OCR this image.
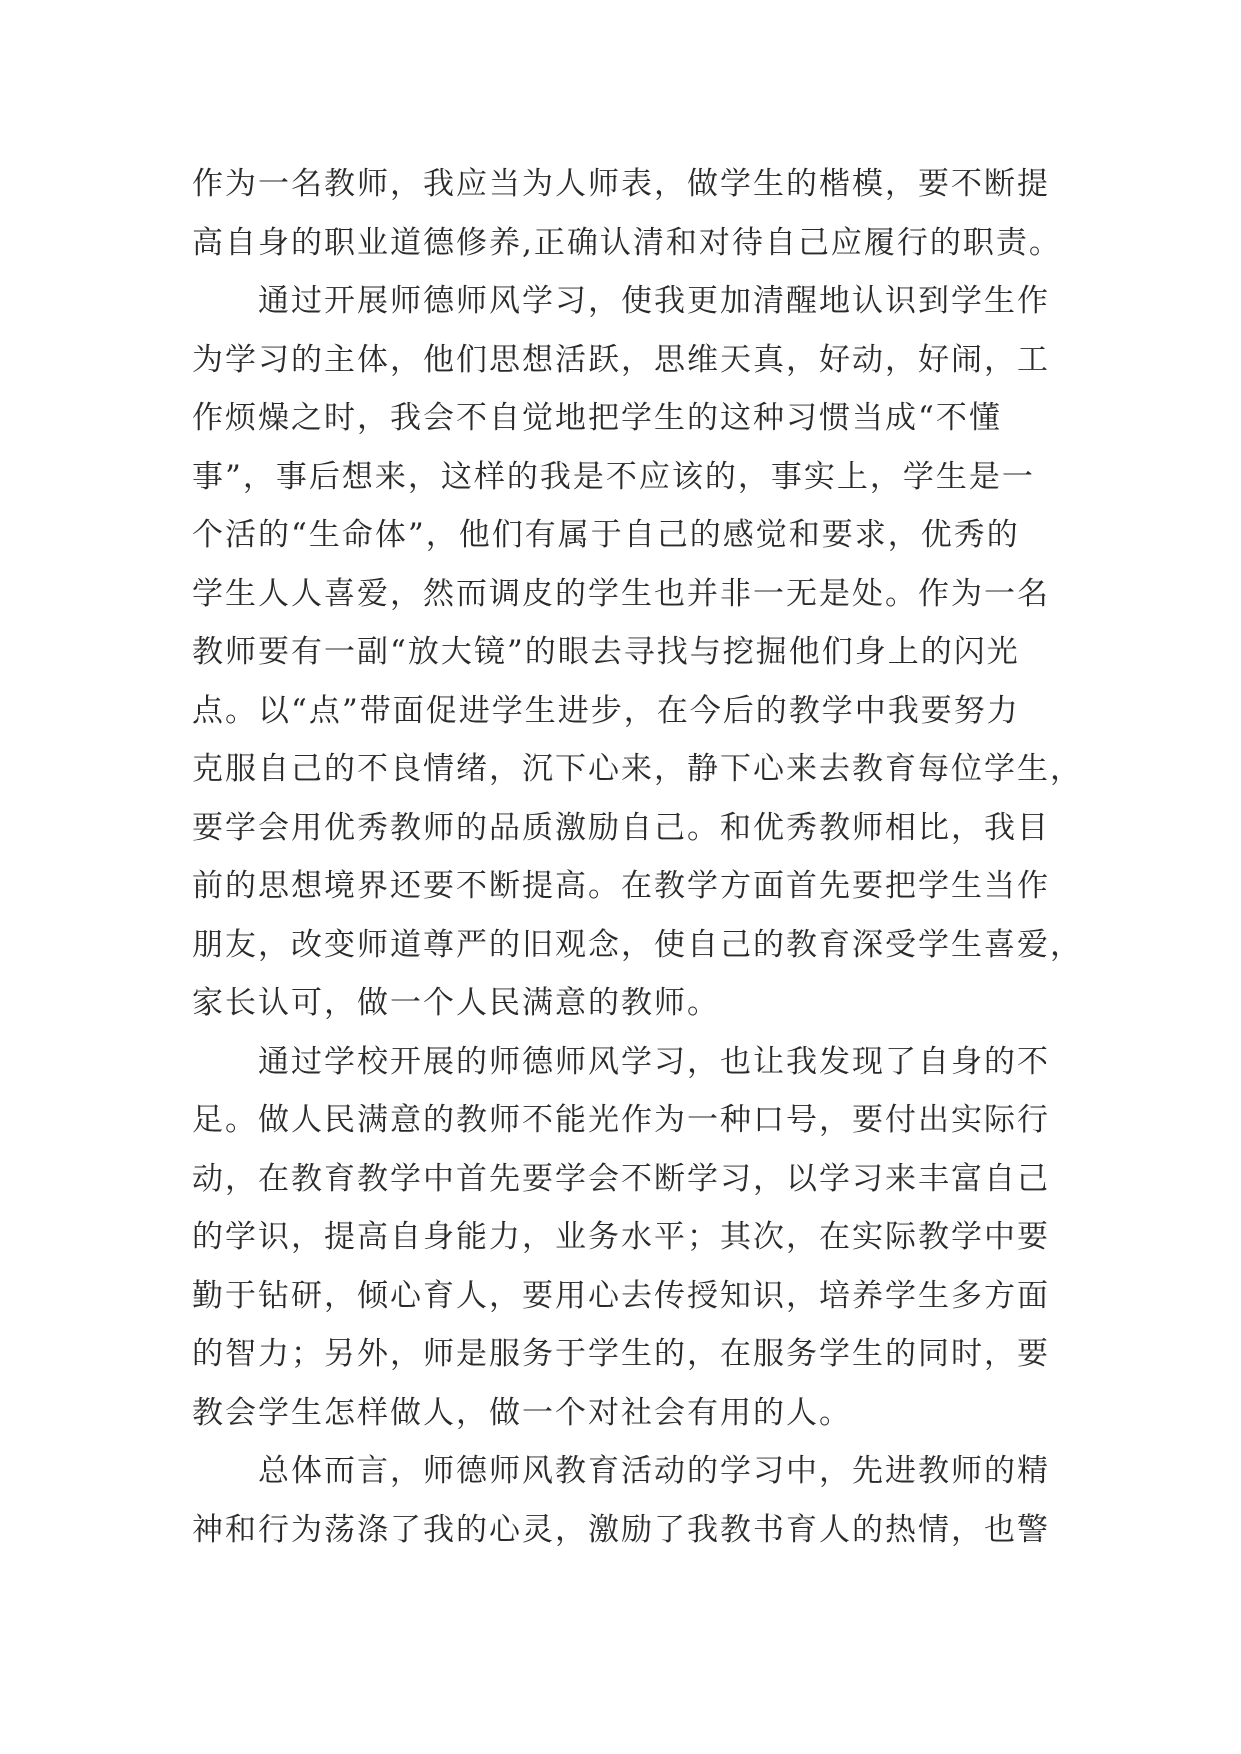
作为一名教师，我应当为人师表，做学生的楷模，要不断提
高自身的职业道德修养,正确认清和对待自己应履行的职责。
　　通过开展师德师风学习，使我更加清醒地认识到学生作
为学习的主体，他们思想活跃，思维天真，好动，好闹，工
作烦燥之时，我会不自觉地把学生的这种习惯当成“不懂
事”，事后想来，这样的我是不应该的，事实上，学生是一
个活的“生命体”，他们有属于自己的感觉和要求，优秀的
学生人人喜爱，然而调皮的学生也并非一无是处。作为一名
教师要有一副“放大镜”的眼去寻找与挖掘他们身上的闪光
点。以“点”带面促进学生进步，在今后的教学中我要努力
克服自己的不良情绪，沉下心来，静下心来去教育每位学生，
要学会用优秀教师的品质激励自己。和优秀教师相比，我目
前的思想境界还要不断提高。在教学方面首先要把学生当作
朋友，改变师道尊严的旧观念，使自己的教育深受学生喜爱，
家长认可，做一个人民满意的教师。
　　通过学校开展的师德师风学习，也让我发现了自身的不
足。做人民满意的教师不能光作为一种口号，要付出实际行
动，在教育教学中首先要学会不断学习，以学习来丰富自己
的学识，提高自身能力，业务水平；其次，在实际教学中要
勤于钻研，倾心育人，要用心去传授知识，培养学生多方面
的智力；另外，师是服务于学生的，在服务学生的同时，要
教会学生怎样做人，做一个对社会有用的人。
　　总体而言，师德师风教育活动的学习中，先进教师的精
神和行为荡涤了我的心灵，激励了我教书育人的热情，也警
